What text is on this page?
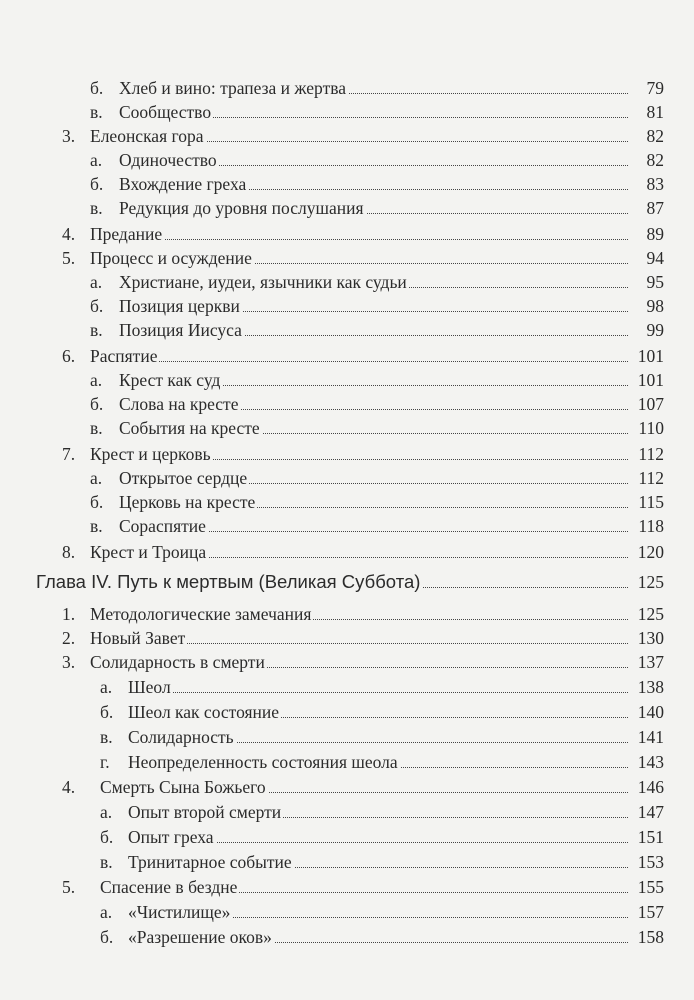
б. Хлеб и вино: трапеза и жертва	79
в. Сообщество	81
3. Елеонская гора	82
а. Одиночество	82
б. Вхождение греха	83
в. Редукция до уровня послушания	87
4. Предание	89
5. Процесс и осуждение	94
а. Христиане, иудеи, язычники как судьи	95
б. Позиция церкви	98
в. Позиция Иисуса	99
6. Распятие	101
а. Крест как суд	101
б. Слова на кресте	107
в. События на кресте	110
7. Крест и церковь	112
а. Открытое сердце	112
б. Церковь на кресте	115
в. Сораспятие	118
8. Крест и Троица	120
Глава IV. Путь к мертвым (Великая Суббота)	125
1. Методологические замечания	125
2. Новый Завет	130
3. Солидарность в смерти	137
а. Шеол	138
б. Шеол как состояние	140
в. Солидарность	141
г. Неопределенность состояния шеола	143
4. Смерть Сына Божьего	146
а. Опыт второй смерти	147
б. Опыт греха	151
в. Тринитарное событие	153
5. Спасение в бездне	155
а. «Чистилище»	157
б. «Разрешение оков»	158
